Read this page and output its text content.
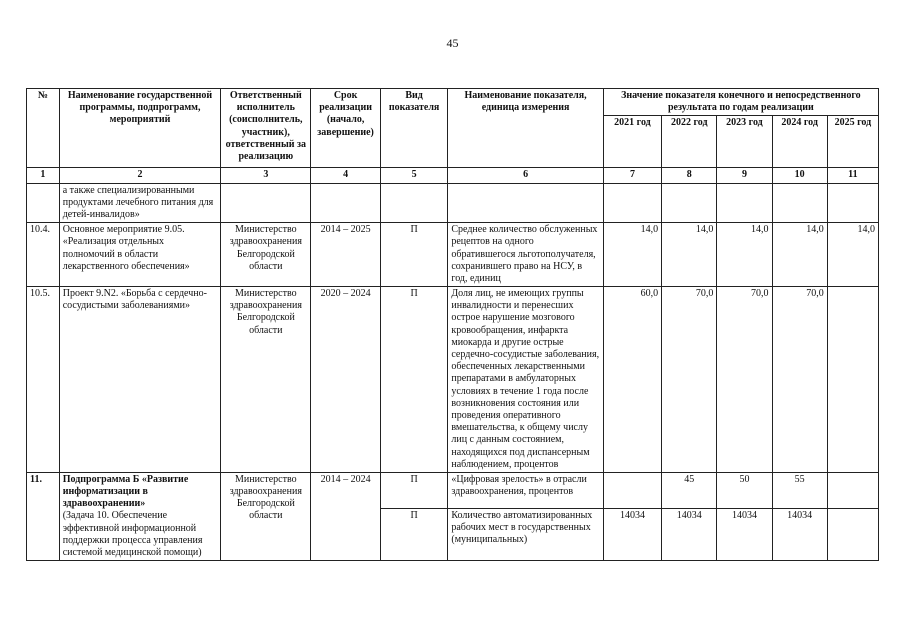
45
№	Наименование государственной программы, подпрограмм, мероприятий	Ответственный исполнитель (соисполнитель, участник), ответственный за реализацию	Срок реализации (начало, завершение)	Вид показателя	Наименование показателя, единица измерения	Значение показателя конечного и непосредственного результата по годам реализации				
						2021 год	2022 год	2023 год	2024 год	2025 год
1	2	3	4	5	6	7	8	9	10	11
	а также специализированными продуктами лечебного питания для детей-инвалидов»									
10.4.	Основное мероприятие 9.05. «Реализация отдельных полномочий в области лекарственного обеспечения»	Министерство здравоохранения Белгородской области	2014 – 2025	П	Среднее количество обслуженных рецептов на одного обратившегося льготополучателя, сохранившего право на НСУ, в год, единиц	14,0	14,0	14,0	14,0	14,0
10.5.	Проект 9.N2. «Борьба с сердечно-сосудистыми заболеваниями»	Министерство здравоохранения Белгородской области	2020 – 2024	П	Доля лиц, не имеющих группы инвалидности и перенесших острое нарушение мозгового кровообращения, инфаркта миокарда и другие острые сердечно-сосудистые заболевания, обеспеченных лекарственными препаратами в амбулаторных условиях в течение 1 года после возникновения состояния или проведения оперативного вмешательства, к общему числу лиц с данным состоянием, находящихся под диспансерным наблюдением, процентов	60,0	70,0	70,0	70,0	
11.	Подпрограмма Б «Развитие информатизации в здравоохранении»
(Задача 10. Обеспечение эффективной информационной поддержки процесса управления системой медицинской помощи)	Министерство здравоохранения Белгородской области	2014 – 2024	П	«Цифровая зрелость» в отрасли здравоохранения, процентов		45	50	55	
				П	Количество автоматизированных рабочих мест в государственных (муниципальных)	14034	14034	14034	14034	
